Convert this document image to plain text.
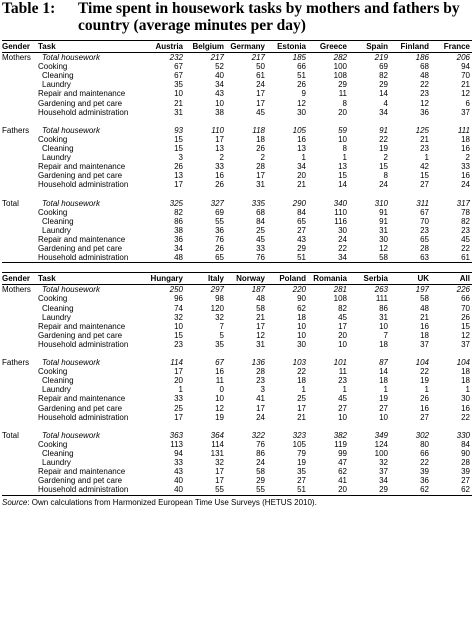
Table 1: Time spent in housework tasks by mothers and fathers by country (average minutes per day)
Gender	Task	Austria	Belgium	Germany	Estonia	Greece	Spain	Finland	France
Mothers	Total housework	232	217	217	185	282	219	186	206
	Cooking	67	52	50	66	100	69	68	94
	Cleaning	67	40	61	51	108	82	48	70
	Laundry	35	34	24	26	29	29	22	21
	Repair and maintenance	10	43	17	9	11	14	23	12
	Gardening and pet care	21	10	17	12	8	4	12	6
	Household administration	31	38	45	30	20	34	36	37

Fathers	Total housework	93	110	118	105	59	91	125	111
	Cooking	15	17	18	16	10	22	21	18
	Cleaning	15	13	26	13	8	19	23	16
	Laundry	3	2	2	1	1	2	1	2
	Repair and maintenance	26	33	28	34	13	15	42	33
	Gardening and pet care	13	16	17	20	15	8	15	16
	Household administration	17	26	31	21	14	24	27	24

Total	Total housework	325	327	335	290	340	310	311	317
	Cooking	82	69	68	84	110	91	67	78
	Cleaning	86	55	84	65	116	91	70	82
	Laundry	38	36	25	27	30	31	23	23
	Repair and maintenance	36	76	45	43	24	30	65	45
	Gardening and pet care	34	26	33	29	22	12	28	22
	Household administration	48	65	76	51	34	58	63	61
Gender	Task	Hungary	Italy	Norway	Poland	Romania	Serbia	UK	All
Mothers	Total housework	250	297	187	220	281	263	197	226
	Cooking	96	98	48	90	108	111	58	66
	Cleaning	74	120	58	62	82	86	48	70
	Laundry	32	32	21	18	45	31	21	26
	Repair and maintenance	10	7	17	10	17	10	16	15
	Gardening and pet care	15	5	12	10	20	7	18	12
	Household administration	23	35	31	30	10	18	37	37

Fathers	Total housework	114	67	136	103	101	87	104	104
	Cooking	17	16	28	22	11	14	22	18
	Cleaning	20	11	23	18	23	18	19	18
	Laundry	1	0	3	1	1	1	1	1
	Repair and maintenance	33	10	41	25	45	19	26	30
	Gardening and pet care	25	12	17	17	27	27	16	16
	Household administration	17	19	24	21	10	10	27	22

Total	Total housework	363	364	322	323	382	349	302	330
	Cooking	113	114	76	105	119	124	80	84
	Cleaning	94	131	86	79	99	100	66	90
	Laundry	33	32	24	19	47	32	22	28
	Repair and maintenance	43	17	58	35	62	37	39	39
	Gardening and pet care	40	17	29	27	41	34	36	27
	Household administration	40	55	55	51	20	29	62	62
Source: Own calculations from Harmonized European Time Use Surveys (HETUS 2010).
